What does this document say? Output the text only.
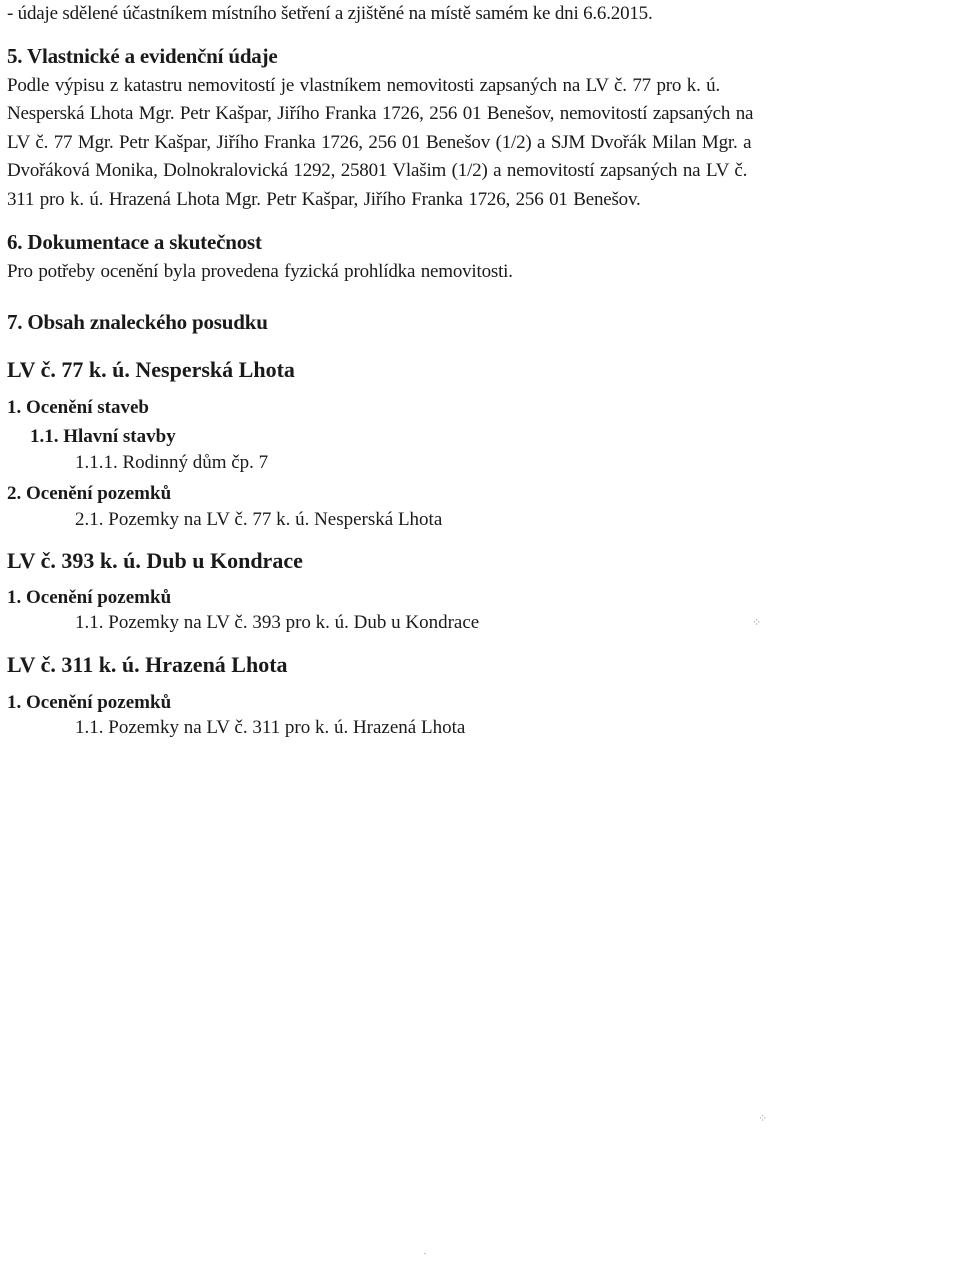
- údaje sdělené účastníkem místního šetření a zjištěné na místě samém ke dni 6.6.2015.
5. Vlastnické a evidenční údaje

Podle výpisu z katastru nemovitostí je vlastníkem nemovitosti zapsaných na LV č. 77 pro k. ú.

Nesperská Lhota Mgr. Petr Kašpar, Jiřího Franka 1726, 256 01 Benešov, nemovitostí zapsaných na

LV č. 77 Mgr. Petr Kašpar, Jiřího Franka 1726, 256 01 Benešov (1/2) a SJM Dvořák Milan Mgr. a

Dvořáková Monika, Dolnokralovická 1292, 25801 Vlašim (1/2) a nemovitostí zapsaných na LV č.

311 pro k. ú. Hrazená Lhota Mgr. Petr Kašpar, Jiřího Franka 1726, 256 01 Benešov.

6. Dokumentace a skutečnost

Pro potřeby ocenění byla provedena fyzická prohlídka nemovitosti.

7. Obsah znaleckého posudku
LV č. 77 k. ú. Nesperská Lhota
1. Ocenění staveb
1.1. Hlavní stavby
1.1.1. Rodinný dům čp. 7
2. Ocenění pozemků
2.1. Pozemky na LV č. 77 k. ú. Nesperská Lhota
LV č. 393 k. ú. Dub u Kondrace
1. Ocenění pozemků
1.1. Pozemky na LV č. 393 pro k. ú. Dub u Kondrace
LV č. 311 k. ú. Hrazená Lhota
1. Ocenění pozemků
1.1. Pozemky na LV č. 311 pro k. ú. Hrazená Lhota
⁘
⁘
·
